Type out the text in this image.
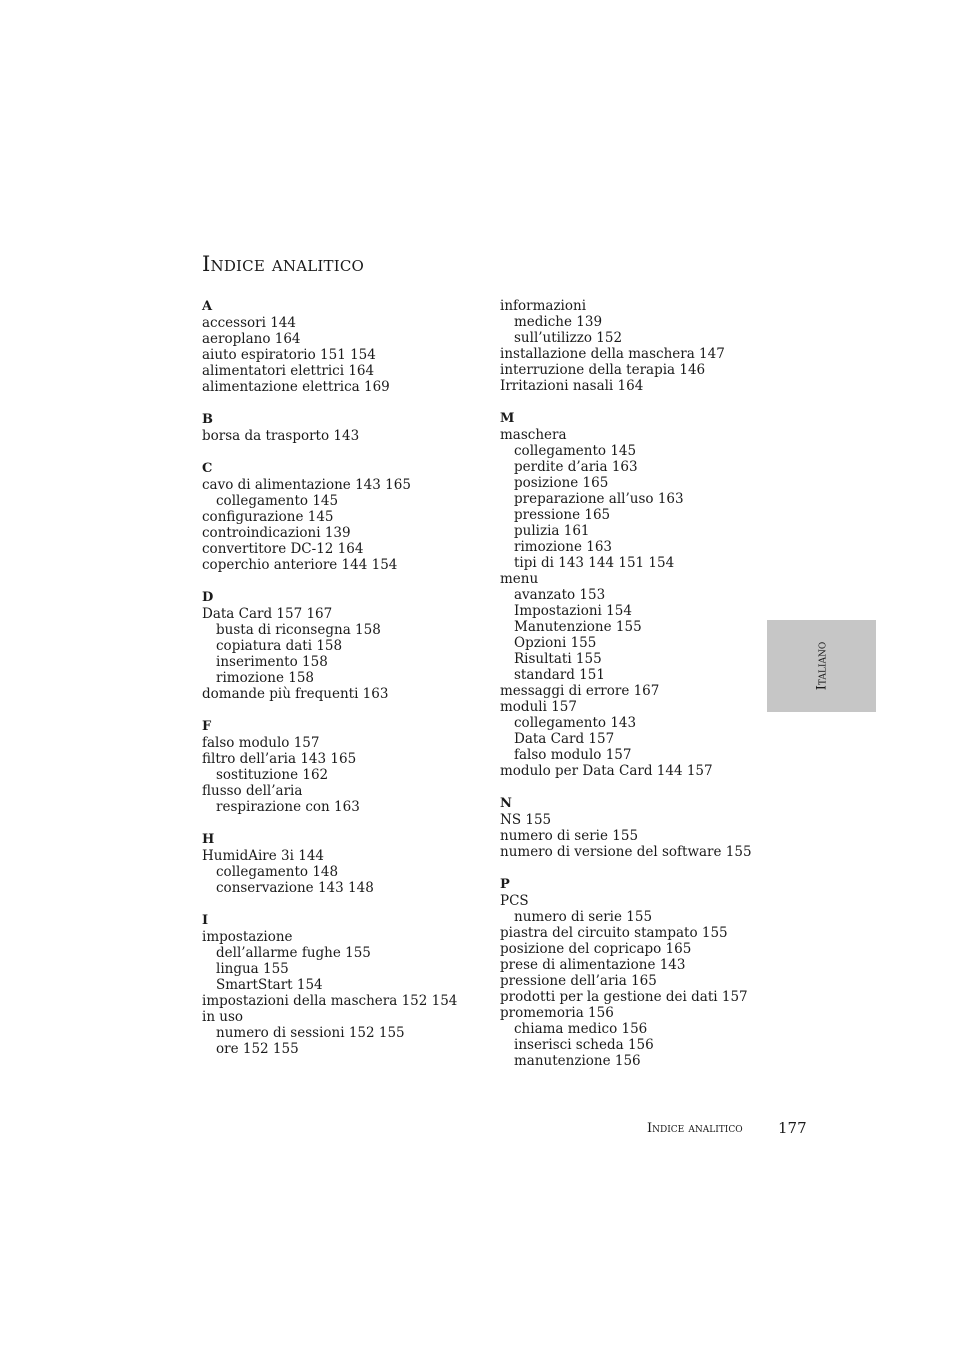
Indice analitico
A
accessori 144
aeroplano 164
aiuto espiratorio 151 154
alimentatori elettrici 164
alimentazione elettrica 169
B
borsa da trasporto 143
C
cavo di alimentazione 143 165
collegamento 145
configurazione 145
controindicazioni 139
convertitore DC-12 164
coperchio anteriore 144 154
D
Data Card 157 167
busta di riconsegna 158
copiatura dati 158
inserimento 158
rimozione 158
domande più frequenti 163
F
falso modulo 157
filtro dell’aria 143 165
sostituzione 162
flusso dell’aria
respirazione con 163
H
HumidAire 3i 144
collegamento 148
conservazione 143 148
I
impostazione
dell’allarme fughe 155
lingua 155
SmartStart 154
impostazioni della maschera 152 154
in uso
numero di sessioni 152 155
ore 152 155
informazioni
mediche 139
sull’utilizzo 152
installazione della maschera 147
interruzione della terapia 146
Irritazioni nasali 164
M
maschera
collegamento 145
perdite d’aria 163
posizione 165
preparazione all’uso 163
pressione 165
pulizia 161
rimozione 163
tipi di 143 144 151 154
menu
avanzato 153
Impostazioni 154
Manutenzione 155
Opzioni 155
Risultati 155
standard 151
messaggi di errore 167
moduli 157
collegamento 143
Data Card 157
falso modulo 157
modulo per Data Card 144 157
N
NS 155
numero di serie 155
numero di versione del software 155
P
PCS
numero di serie 155
piastra del circuito stampato 155
posizione del copricapo 165
prese di alimentazione 143
pressione dell’aria 165
prodotti per la gestione dei dati 157
promemoria 156
chiama medico 156
inserisci scheda 156
manutenzione 156
Italiano
Indice analitico 177
